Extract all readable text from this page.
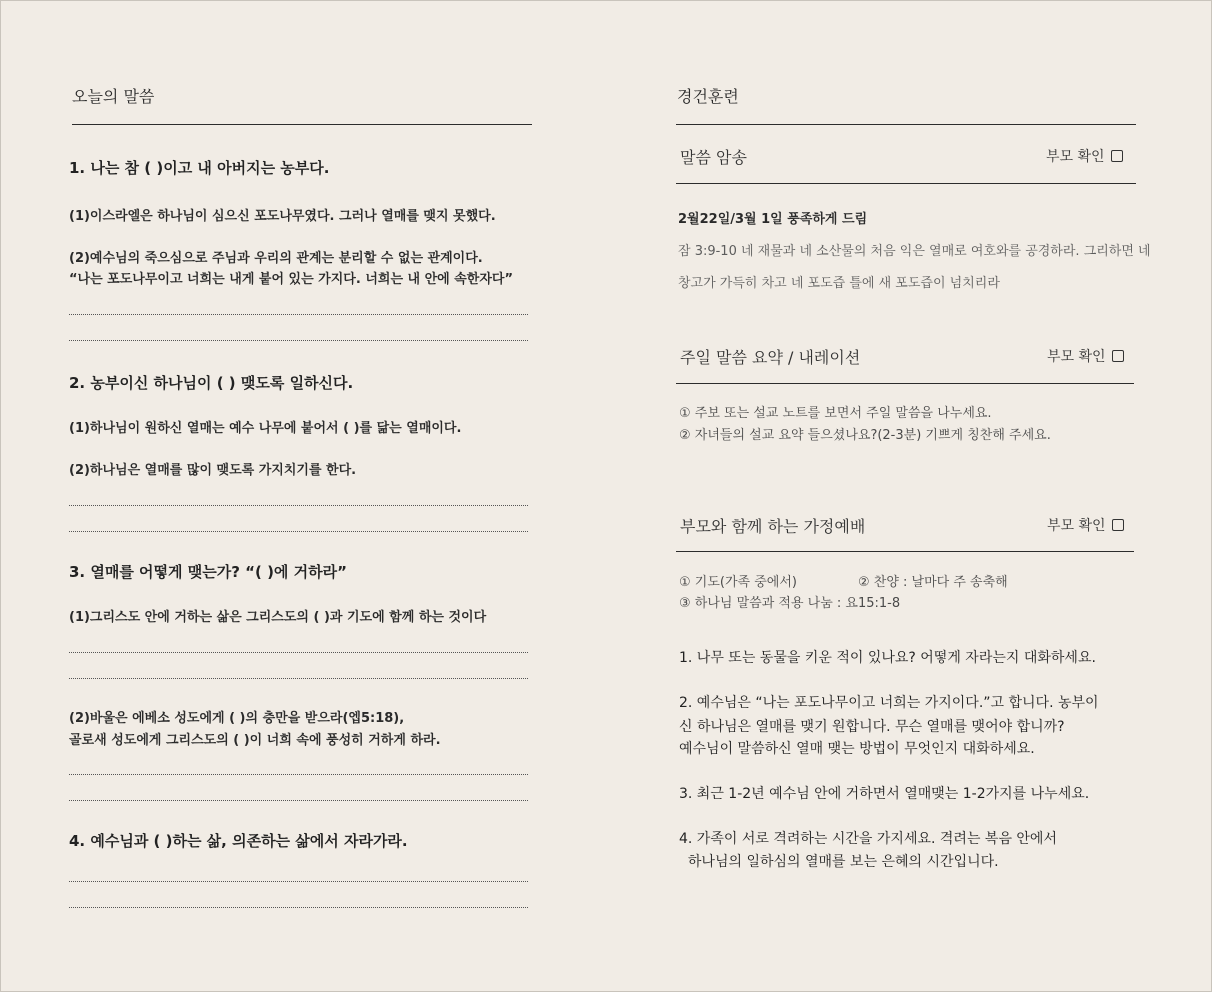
오늘의 말씀
1. 나는 참 ( )이고 내 아버지는 농부다.
(1)이스라엘은 하나님이 심으신 포도나무였다. 그러나 열매를 맺지 못했다.
(2)예수님의 죽으심으로 주님과 우리의 관계는 분리할 수 없는 관계이다.
“나는 포도나무이고 너희는 내게 붙어 있는 가지다. 너희는 내 안에 속한자다”
2. 농부이신 하나님이 ( ) 맺도록 일하신다.
(1)하나님이 원하신 열매는 예수 나무에 붙어서 ( )를 닮는 열매이다.
(2)하나님은 열매를 많이 맺도록 가지치기를 한다.
3. 열매를 어떻게 맺는가? “( )에 거하라”
(1)그리스도 안에 거하는 삶은 그리스도의 ( )과 기도에 함께 하는 것이다
(2)바울은 에베소 성도에게 ( )의 충만을 받으라(엡5:18),
골로새 성도에게 그리스도의 ( )이 너희 속에 풍성히 거하게 하라.
4. 예수님과 ( )하는 삶, 의존하는 삶에서 자라가라.
경건훈련
말씀 암송	부모 확인
2월22일/3월 1일 풍족하게 드림
잠 3:9-10 네 재물과 네 소산물의 처음 익은 열매로 여호와를 공경하라. 그리하면 네
창고가 가득히 차고 네 포도즙 틀에 새 포도즙이 넘치리라
주일 말씀 요약 / 내레이션	부모 확인
① 주보 또는 설교 노트를 보면서 주일 말씀을 나누세요.
② 자녀들의 설교 요약 들으셨나요?(2-3분) 기쁘게 칭찬해 주세요.
부모와 함께 하는 가정예배	부모 확인
① 기도(가족 중에서)	② 찬양 : 날마다 주 송축해
③ 하나님 말씀과 적용 나눔 : 요15:1-8
1. 나무 또는 동물을 키운 적이 있나요? 어떻게 자라는지 대화하세요.
2. 예수님은 “나는 포도나무이고 너희는 가지이다.”고 합니다. 농부이
신 하나님은 열매를 맺기 원합니다. 무슨 열매를 맺어야 합니까?
예수님이 말씀하신 열매 맺는 방법이 무엇인지 대화하세요.
3. 최근 1-2년 예수님 안에 거하면서 열매맺는 1-2가지를 나누세요.
4. 가족이 서로 격려하는 시간을 가지세요. 격려는 복음 안에서
하나님의 일하심의 열매를 보는 은혜의 시간입니다.
